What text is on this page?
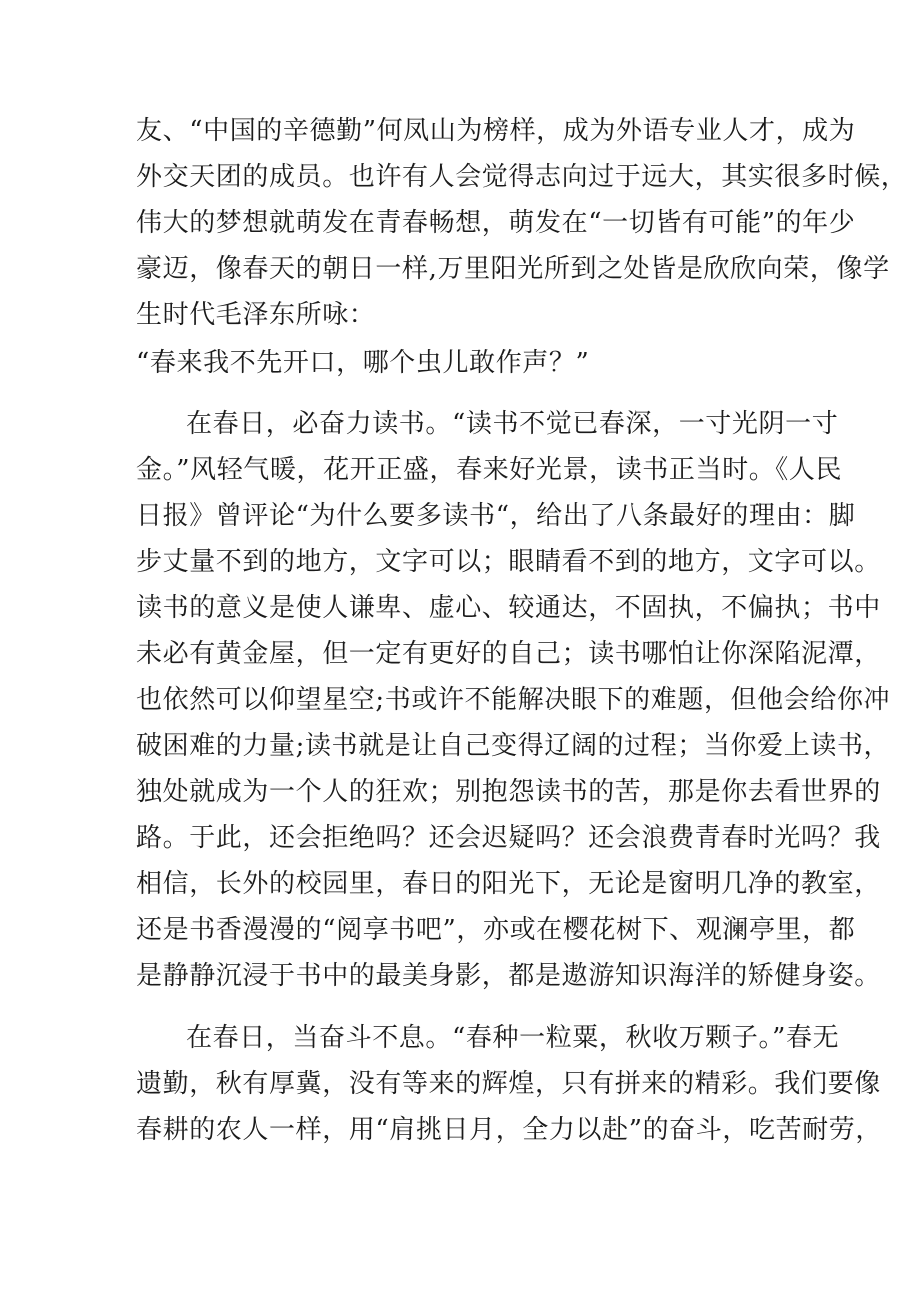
友、“中国的辛德勤”何凤山为榜样，成为外语专业人才，成为
外交天团的成员。也许有人会觉得志向过于远大，其实很多时候，
伟大的梦想就萌发在青春畅想，萌发在“一切皆有可能”的年少
豪迈，像春天的朝日一样,万里阳光所到之处皆是欣欣向荣，像学
生时代毛泽东所咏：
“春来我不先开口，哪个虫儿敢作声？”
在春日，必奋力读书。“读书不觉已春深，一寸光阴一寸
金。”风轻气暖，花开正盛，春来好光景，读书正当时。《人民
日报》曾评论“为什么要多读书“，给出了八条最好的理由：脚
步丈量不到的地方，文字可以；眼睛看不到的地方，文字可以。
读书的意义是使人谦卑、虚心、较通达，不固执，不偏执；书中
未必有黄金屋，但一定有更好的自己；读书哪怕让你深陷泥潭，
也依然可以仰望星空;书或许不能解决眼下的难题，但他会给你冲
破困难的力量;读书就是让自己变得辽阔的过程；当你爱上读书，
独处就成为一个人的狂欢；别抱怨读书的苦，那是你去看世界的
路。于此，还会拒绝吗？还会迟疑吗？还会浪费青春时光吗？我
相信，长外的校园里，春日的阳光下，无论是窗明几净的教室，
还是书香漫漫的“阅享书吧”，亦或在樱花树下、观澜亭里，都
是静静沉浸于书中的最美身影，都是遨游知识海洋的矫健身姿。
在春日，当奋斗不息。“春种一粒粟，秋收万颗子。”春无
遗勤，秋有厚冀，没有等来的辉煌，只有拼来的精彩。我们要像
春耕的农人一样，用“肩挑日月，全力以赴”的奋斗，吃苦耐劳，
